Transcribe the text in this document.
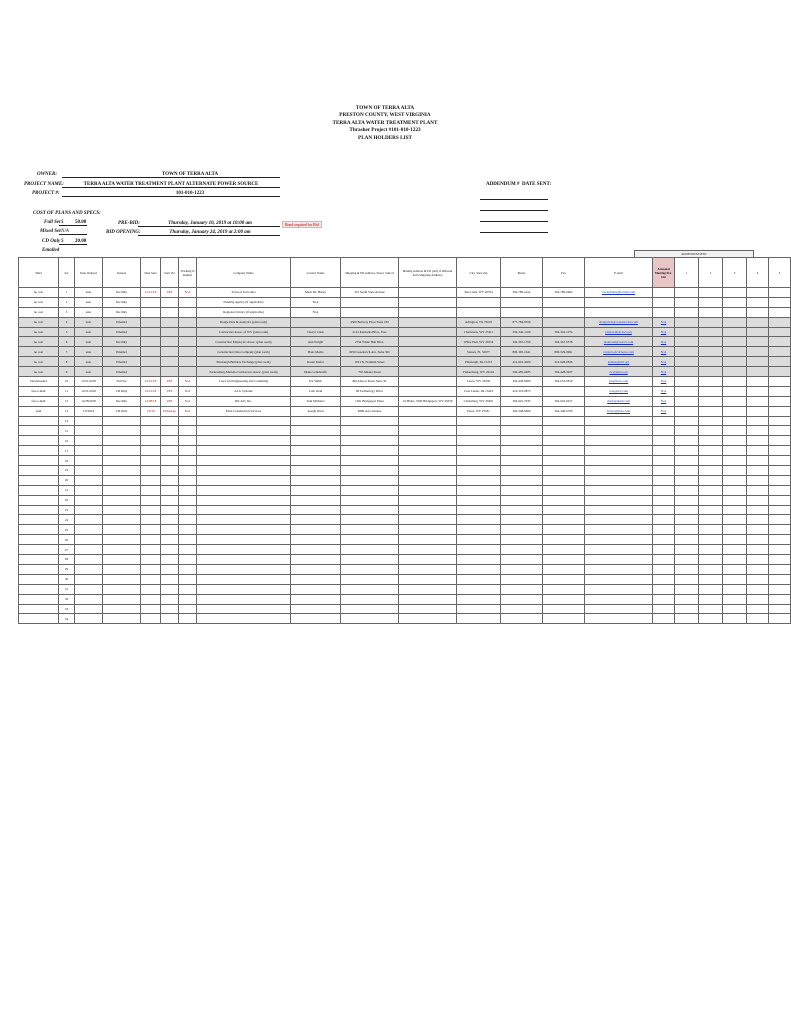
TOWN OF TERRA ALTA
PRESTON COUNTY, WEST VIRGINIA
TERRA ALTA WATER TREATMENT PLANT
Thrasher Project #101-010-1223
PLAN HOLDERS LIST
OWNER:	TOWN OF TERRA ALTA
PROJECT NAME:	TERRA ALTA WATER TREATMENT PLANT ALTERNATE POWER SOURCE
PROJECT #:	101-010-1223
ADDENDUM # DATE SENT:
COST OF PLANS AND SPECS:
Full Set $ 50.00
Mixed Set N/A
CD Only $ 20.00
Emailed
PRE-BID:	Thursday, January 10, 2019 at 10:00 am
BID OPENING:	Thursday, January 24, 2019 at 2:00 am
Bond required for Bid
ADDENDUM SENT
Shnd	Set	Date Ordered	Version	Date Sent	Sent Via	Tracking #/ number	Company Name	Contact Name	Shipping & PO Address, Street, Suite #	Mailing Address & PO (only if different from Shipping Address)	City, State Zip	Phone	Fax	E-mail	Attended Meeting Pre-bid	1	2	3	4	5
no cost	1	auto	Ins Only	12/21/18	UPS	N/A	Town of Terra Alta	Mark Mc Haney	301 South State Avenue		Terra Alta, WV 26764	304-789-xxxx	304-789-0664	townoftalta@frontier.com						
no cost	2	auto	Ins Only				Funding Agency (if applicable)	N/A												
no cost	3	auto	Ins Only				Regional Library (if applicable)	N/A												
no cost	4	auto	Emailed				Dodge Data & Analytics (plan room)		4300 Beltway Place Suite 180		Arlington, TX 76018	877-784-9556		dodge.bids@construction.com	N/A					
no cost	5	auto	Emailed				Contractors Assoc. of WV (plan room)	Cheryl Clark	2114 Kanawha Blvd., East		Charleston, WV 25311	304-342-1166	304-342-1074	planroom@cawv.org	N/A					
no cost	6	auto	Ins Only				Construction Employers Assoc. (plan room)	Ann Wright	2794 White Hall Blvd.		White Hall, WV 26554	304-367-1766	304-367-0578	planroom@ceawv.com	N/A					
no cost	7	auto	Emailed				Construction Data Company (plan room)	Plans Media	6950 Greenwich Ave. Suite 300		Sussex, FL 32977	800-395-1641	800-529-0961	contacts@cdcnews.com	N/A					
no cost	8	auto	Emailed				Pittsburgh Builders Exchange (plan room)	Karen Kiefer	1813 N. Franklin Street		Pittsburgh, PA 15233	412-922-4200	412-928-0826	kamen@pbx.org	N/A					
no cost	9	auto	Emailed				Parkersburg-Marietta Contractors Assoc. (plan room)	Diana Grindstaffe	700 Juliana Street		Parkersburg, WV 26104	304-485-6485	304-428-3027	rlc@pmca.org	N/A					
Downloaded	10	12/21/2018	Full Set	12/21/18	UPS	N/A	Lowe and Engineering and Consulting	Pat Smith	490 Airport Road, Suite 4C		Lewis, WV 26350	304-438-9000	304-633-0819	pat@lowe.com	N/A					
free e-mail	11	12/21/2018	CD Only	12/21/18	UPS	N/A	ACG Systems	Cole Weik	99 Technology Drive		Coal Center, PA 15423	412-319-0875		cole@acg.com	N/A					
free e-mail	12	12/28/2018	Ins Only	12/28/18	UPS	N/A	RK Arb, Inc.	Tom Michelot	1391 Bridgeport Plaza	1st Bldes, 3500 Bridgeport, WV 26330	Clarksburg, WV 26301	304-622-7935	304-622-0017	rkarb@rkarb.com	N/A					
paid	13	1/9/2019	CD Only	1/9/19	Picked up	N/A	Plata Construction Services	Joseph Ward	4866 Acto Avenue		Plaza, WV 25181	304-348-6000	304-348-0700	bware@plata.com	N/A					
	14																			
	15																			
	16																			
	17																			
	18																			
	19																			
	20																			
	21																			
	22																			
	23																			
	24																			
	25																			
	26																			
	27																			
	28																			
	29																			
	30																			
	31																			
	32																			
	33																			
	34																			
